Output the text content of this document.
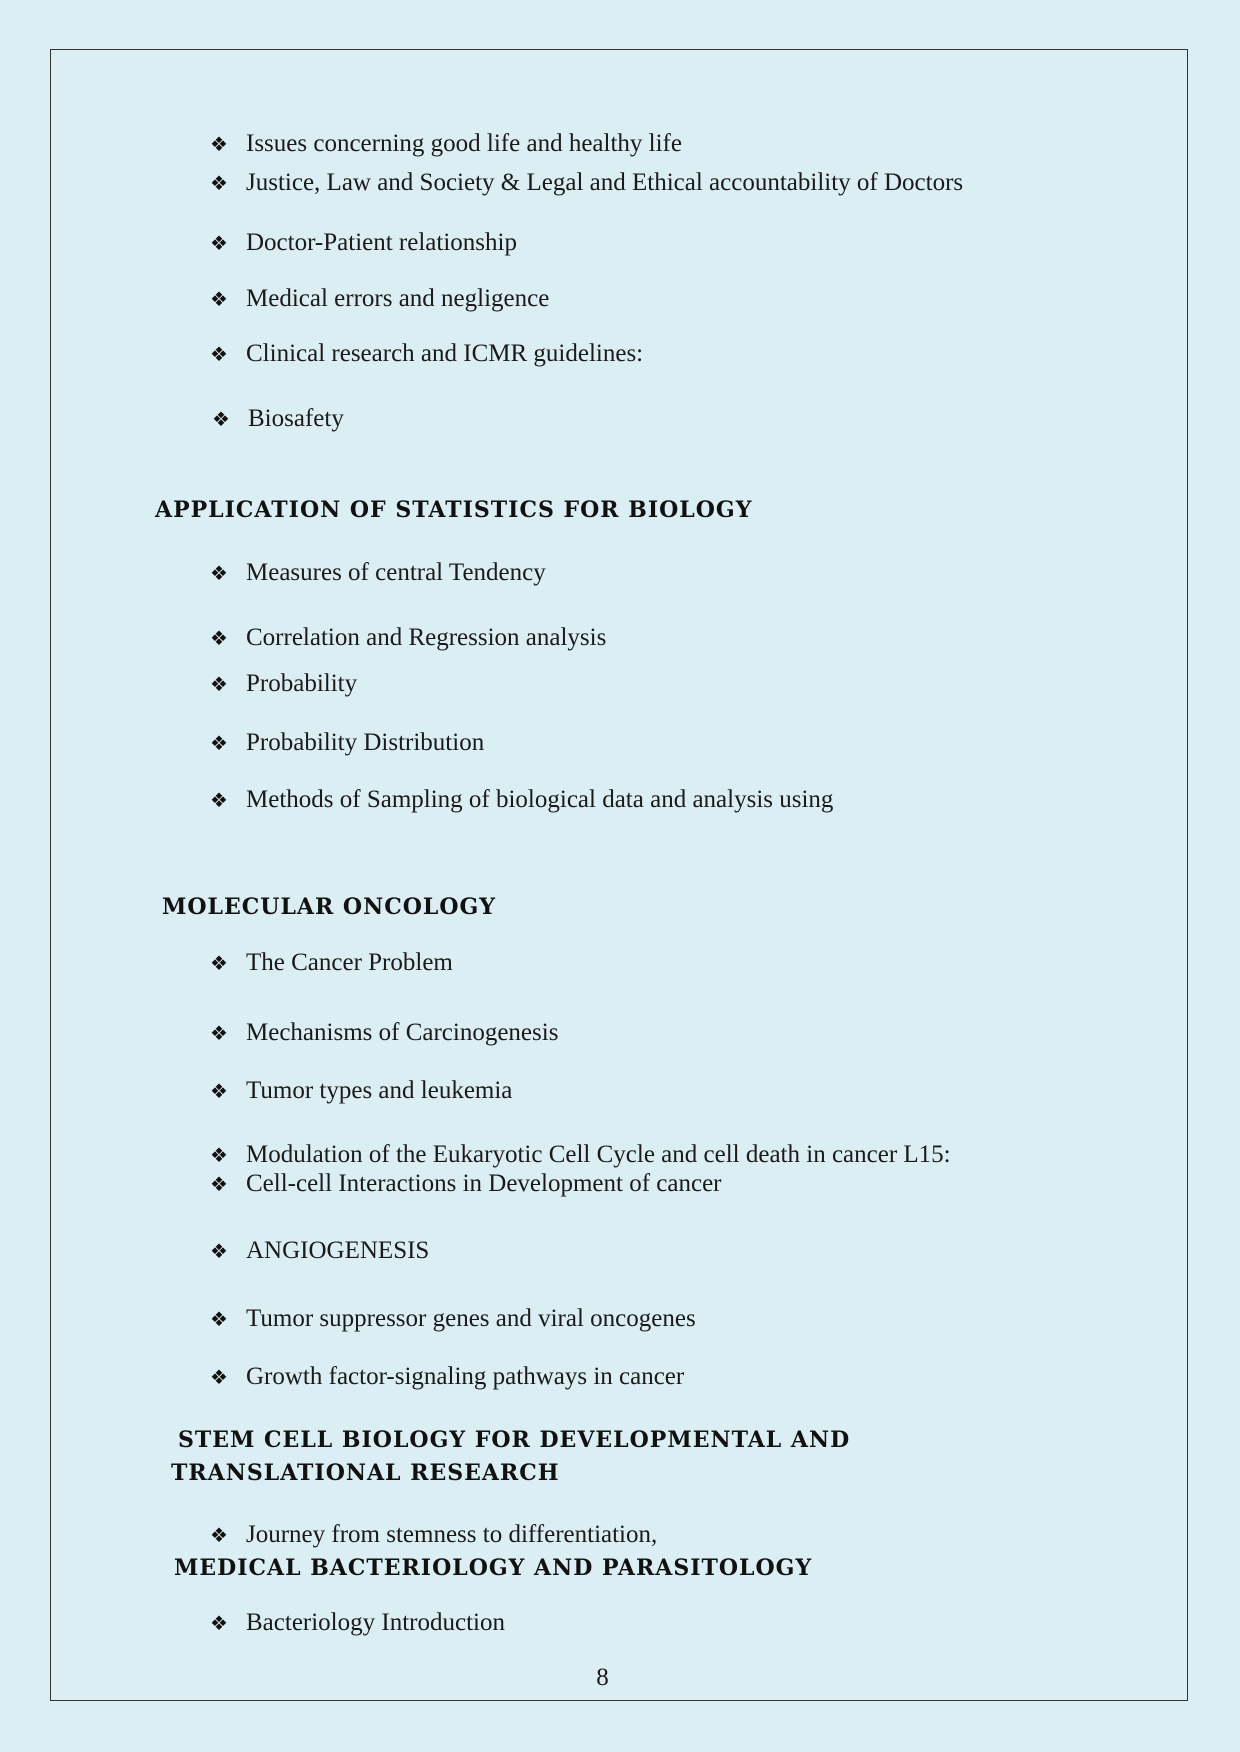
❖ Issues concerning good life and healthy life
❖ Justice, Law and Society & Legal and Ethical accountability of Doctors
❖ Doctor-Patient relationship
❖ Medical errors and negligence
❖ Clinical research and ICMR guidelines:
❖ Biosafety
APPLICATION OF STATISTICS FOR BIOLOGY
❖ Measures of central Tendency
❖ Correlation and Regression analysis
❖ Probability
❖ Probability Distribution
❖ Methods of Sampling of biological data and analysis using
MOLECULAR ONCOLOGY
❖ The Cancer Problem
❖ Mechanisms of Carcinogenesis
❖ Tumor types and leukemia
❖ Modulation of the Eukaryotic Cell Cycle and cell death in cancer L15:
❖ Cell-cell Interactions in Development of cancer
❖ ANGIOGENESIS
❖ Tumor suppressor genes and viral oncogenes
❖ Growth factor-signaling pathways in cancer
STEM CELL BIOLOGY FOR DEVELOPMENTAL AND
TRANSLATIONAL RESEARCH
❖ Journey from stemness to differentiation,
MEDICAL BACTERIOLOGY AND PARASITOLOGY
❖ Bacteriology Introduction
8
